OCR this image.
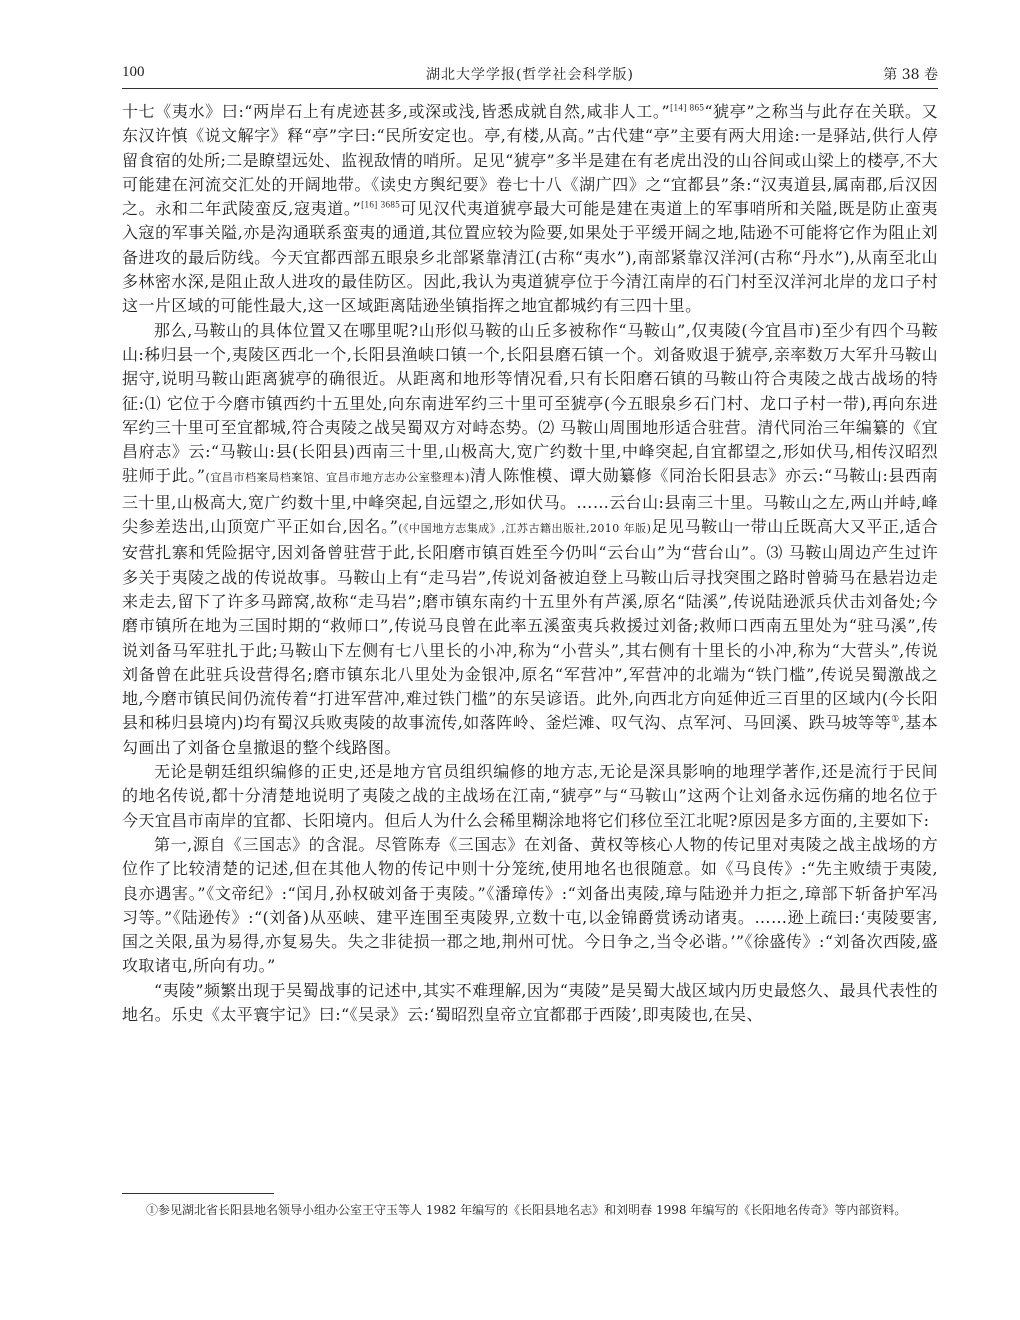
100	湖北大学学报(哲学社会科学版)	第 38 卷

十七《夷水》曰:“两岸石上有虎迹甚多,或深或浅,皆悉成就自然,咸非人工。”$^{[14] 865}$“猇亭”之称当与此存在关联。又东汉许慎《说文解字》释“亭”字曰:“民所安定也。亭,有楼,从高。”古代建“亭”主要有两大用途:一是驿站,供行人停留食宿的处所;二是瞭望远处、监视敌情的哨所。足见“猇亭”多半是建在有老虎出没的山谷间或山梁上的楼亭,不大可能建在河流交汇处的开阔地带。《读史方舆纪要》卷七十八《湖广四》之“宜都县”条:“汉夷道县,属南郡,后汉因之。永和二年武陵蛮反,寇夷道。”$^{[16] 3685}$可见汉代夷道猇亭最大可能是建在夷道上的军事哨所和关隘,既是防止蛮夷入寇的军事关隘,亦是沟通联系蛮夷的通道,其位置应较为险要,如果处于平缓开阔之地,陆逊不可能将它作为阻止刘备进攻的最后防线。今天宜都西部五眼泉乡北部紧靠清江(古称“夷水”),南部紧靠汉洋河(古称“丹水”),从南至北山多林密水深,是阻止敌人进攻的最佳防区。因此,我认为夷道猇亭位于今清江南岸的石门村至汉洋河北岸的龙口子村这一片区域的可能性最大,这一区域距离陆逊坐镇指挥之地宜都城约有三四十里。

那么,马鞍山的具体位置又在哪里呢?山形似马鞍的山丘多被称作“马鞍山”,仅夷陵(今宜昌市)至少有四个马鞍山:秭归县一个,夷陵区西北一个,长阳县渔峡口镇一个,长阳县磨石镇一个。刘备败退于猇亭,亲率数万大军升马鞍山据守,说明马鞍山距离猇亭的确很近。从距离和地形等情况看,只有长阳磨石镇的马鞍山符合夷陵之战古战场的特征:⑴ 它位于今磨市镇西约十五里处,向东南进军约三十里可至猇亭(今五眼泉乡石门村、龙口子村一带),再向东进军约三十里可至宜都城,符合夷陵之战吴蜀双方对峙态势。⑵ 马鞍山周围地形适合驻营。清代同治三年编纂的《宜昌府志》云:“马鞍山:县(长阳县)西南三十里,山极高大,宽广约数十里,中峰突起,自宜都望之,形如伏马,相传汉昭烈驻师于此。”(宜昌市档案局档案馆、宜昌市地方志办公室整理本)清人陈惟模、谭大勋纂修《同治长阳县志》亦云:“马鞍山:县西南三十里,山极高大,宽广约数十里,中峰突起,自远望之,形如伏马。……云台山:县南三十里。马鞍山之左,两山并峙,峰尖参差迭出,山顶宽广平正如台,因名。”(《中国地方志集成》,江苏古籍出版社,2010 年版)足见马鞍山一带山丘既高大又平正,适合安营扎寨和凭险据守,因刘备曾驻营于此,长阳磨市镇百姓至今仍叫“云台山”为“营台山”。⑶ 马鞍山周边产生过许多关于夷陵之战的传说故事。马鞍山上有“走马岩”,传说刘备被迫登上马鞍山后寻找突围之路时曾骑马在悬岩边走来走去,留下了许多马蹄窝,故称“走马岩”;磨市镇东南约十五里外有芦溪,原名“陆溪”,传说陆逊派兵伏击刘备处;今磨市镇所在地为三国时期的“救师口”,传说马良曾在此率五溪蛮夷兵救援过刘备;救师口西南五里处为“驻马溪”,传说刘备马军驻扎于此;马鞍山下左侧有七八里长的小冲,称为“小营头”,其右侧有十里长的小冲,称为“大营头”,传说刘备曾在此驻兵设营得名;磨市镇东北八里处为金银冲,原名“军营冲”,军营冲的北端为“铁门槛”,传说吴蜀激战之地,今磨市镇民间仍流传着“打进军营冲,难过铁门槛”的东吴谚语。此外,向西北方向延伸近三百里的区域内(今长阳县和秭归县境内)均有蜀汉兵败夷陵的故事流传,如落阵岭、釜烂滩、叹气沟、点军河、马回溪、跌马坡等等①,基本勾画出了刘备仓皇撤退的整个线路图。

无论是朝廷组织编修的正史,还是地方官员组织编修的地方志,无论是深具影响的地理学著作,还是流行于民间的地名传说,都十分清楚地说明了夷陵之战的主战场在江南,“猇亭”与“马鞍山”这两个让刘备永远伤痛的地名位于今天宜昌市南岸的宜都、长阳境内。但后人为什么会稀里糊涂地将它们移位至江北呢?原因是多方面的,主要如下:

第一,源自《三国志》的含混。尽管陈寿《三国志》在刘备、黄权等核心人物的传记里对夷陵之战主战场的方位作了比较清楚的记述,但在其他人物的传记中则十分笼统,使用地名也很随意。如《马良传》:“先主败绩于夷陵,良亦遇害。”《文帝纪》:“闰月,孙权破刘备于夷陵。”《潘璋传》:“刘备出夷陵,璋与陆逊并力拒之,璋部下斩备护军冯习等。”《陆逊传》:“(刘备)从巫峡、建平连围至夷陵界,立数十屯,以金锦爵赏诱动诸夷。……逊上疏曰:‘夷陵要害,国之关限,虽为易得,亦复易失。失之非徒损一郡之地,荆州可忧。今日争之,当令必谐。’”《徐盛传》:“刘备次西陵,盛攻取诸屯,所向有功。”

“夷陵”频繁出现于吴蜀战事的记述中,其实不难理解,因为“夷陵”是吴蜀大战区域内历史最悠久、最具代表性的地名。乐史《太平寰宇记》曰:“《吴录》云:‘蜀昭烈皇帝立宜都郡于西陵’,即夷陵也,在吴、

①参见湖北省长阳县地名领导小组办公室王守玉等人 1982 年编写的《长阳县地名志》和刘明春 1998 年编写的《长阳地名传奇》等内部资料。
